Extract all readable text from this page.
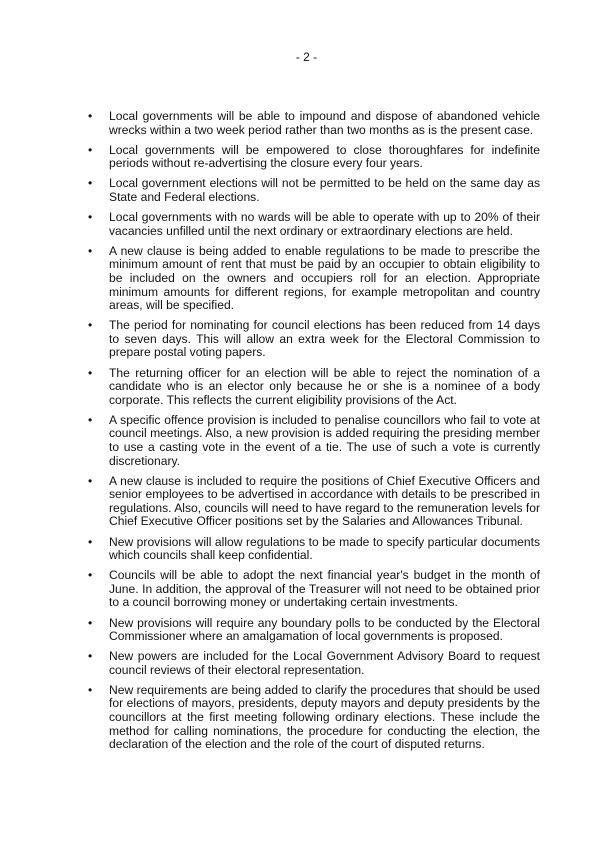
- 2 -
• Local governments will be able to impound and dispose of abandoned vehicle wrecks within a two week period rather than two months as is the present case.
• Local governments will be empowered to close thoroughfares for indefinite periods without re-advertising the closure every four years.
• Local government elections will not be permitted to be held on the same day as State and Federal elections.
• Local governments with no wards will be able to operate with up to 20% of their vacancies unfilled until the next ordinary or extraordinary elections are held.
• A new clause is being added to enable regulations to be made to prescribe the minimum amount of rent that must be paid by an occupier to obtain eligibility to be included on the owners and occupiers roll for an election. Appropriate minimum amounts for different regions, for example metropolitan and country areas, will be specified.
• The period for nominating for council elections has been reduced from 14 days to seven days. This will allow an extra week for the Electoral Commission to prepare postal voting papers.
• The returning officer for an election will be able to reject the nomination of a candidate who is an elector only because he or she is a nominee of a body corporate. This reflects the current eligibility provisions of the Act.
• A specific offence provision is included to penalise councillors who fail to vote at council meetings. Also, a new provision is added requiring the presiding member to use a casting vote in the event of a tie. The use of such a vote is currently discretionary.
• A new clause is included to require the positions of Chief Executive Officers and senior employees to be advertised in accordance with details to be prescribed in regulations. Also, councils will need to have regard to the remuneration levels for Chief Executive Officer positions set by the Salaries and Allowances Tribunal.
• New provisions will allow regulations to be made to specify particular documents which councils shall keep confidential.
• Councils will be able to adopt the next financial year's budget in the month of June. In addition, the approval of the Treasurer will not need to be obtained prior to a council borrowing money or undertaking certain investments.
• New provisions will require any boundary polls to be conducted by the Electoral Commissioner where an amalgamation of local governments is proposed.
• New powers are included for the Local Government Advisory Board to request council reviews of their electoral representation.
• New requirements are being added to clarify the procedures that should be used for elections of mayors, presidents, deputy mayors and deputy presidents by the councillors at the first meeting following ordinary elections. These include the method for calling nominations, the procedure for conducting the election, the declaration of the election and the role of the court of disputed returns.
